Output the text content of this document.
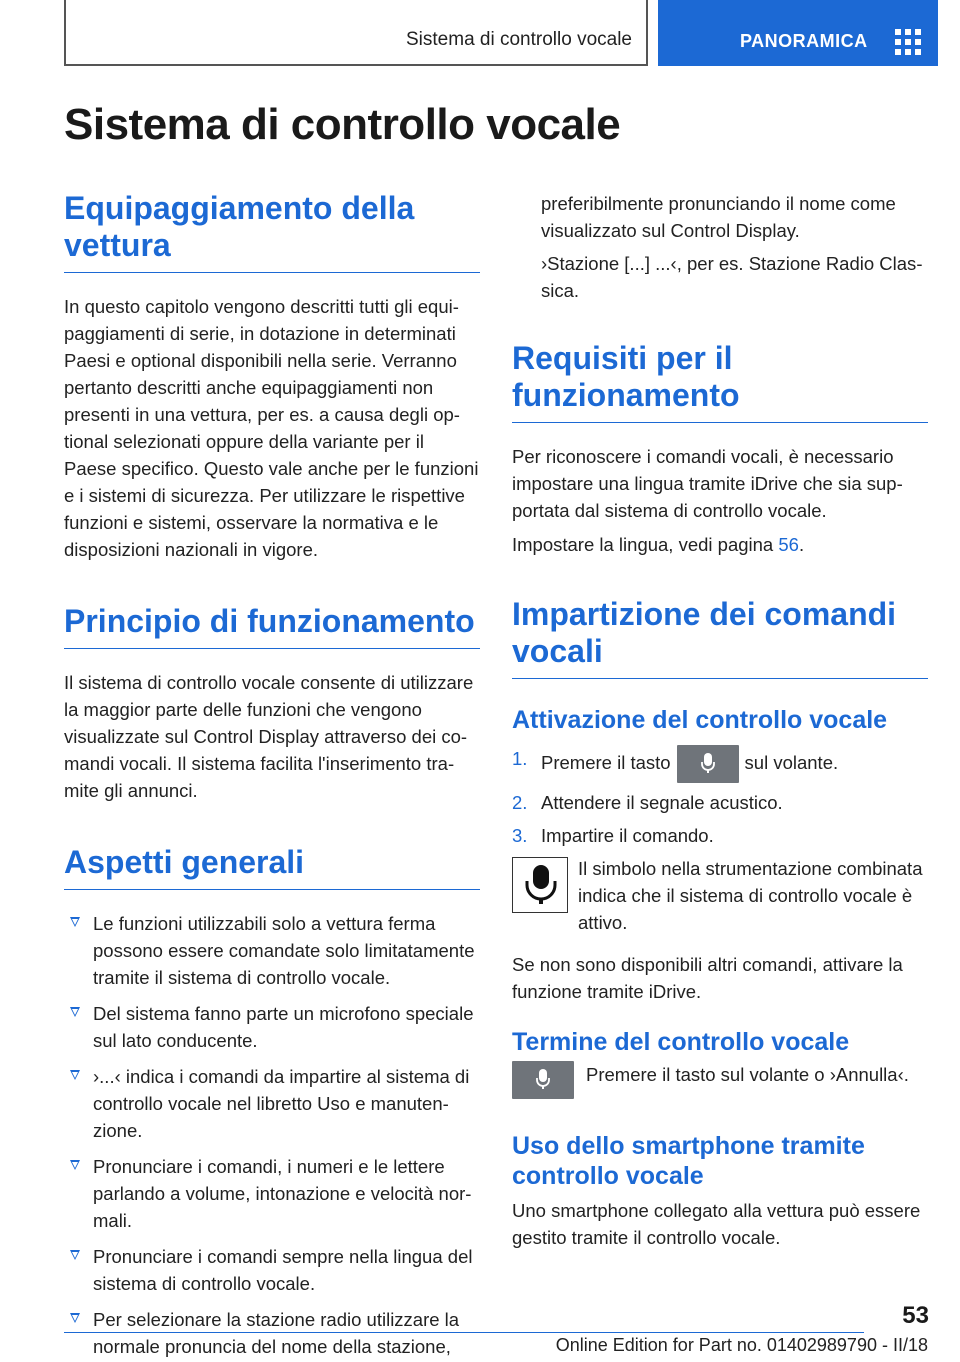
Sistema di controllo vocale	PANORAMICA
Sistema di controllo vocale
Equipaggiamento della vettura

In questo capitolo vengono descritti tutti gli equipaggiamenti di serie, in dotazione in determinati Paesi e optional disponibili nella serie. Verranno pertanto descritti anche equipaggiamenti non presenti in una vettura, per es. a causa degli optional selezionati oppure della variante per il Paese specifico. Questo vale anche per le funzioni e i sistemi di sicurezza. Per utilizzare le rispettive funzioni e sistemi, osservare la normativa e le disposizioni nazionali in vigore.

Principio di funzionamento

Il sistema di controllo vocale consente di utilizzare la maggior parte delle funzioni che vengono visualizzate sul Control Display attraverso dei comandi vocali. Il sistema facilita l'inserimento tramite gli annunci.

Aspetti generali
Le funzioni utilizzabili solo a vettura ferma possono essere comandate solo limitatamente tramite il sistema di controllo vocale.
Del sistema fanno parte un microfono speciale sul lato conducente.
›...‹ indica i comandi da impartire al sistema di controllo vocale nel libretto Uso e manutenzione.
Pronunciare i comandi, i numeri e le lettere parlando a volume, intonazione e velocità normali.
Pronunciare i comandi sempre nella lingua del sistema di controllo vocale.
Per selezionare la stazione radio utilizzare la normale pronuncia del nome della stazione,

preferibilmente pronunciando il nome come visualizzato sul Control Display.

›Stazione [...] ...‹, per es. Stazione Radio Classica.

Requisiti per il funzionamento

Per riconoscere i comandi vocali, è necessario impostare una lingua tramite iDrive che sia supportata dal sistema di controllo vocale.

Impostare la lingua, vedi pagina 56.

Impartizione dei comandi vocali
Attivazione del controllo vocale
1. Premere il tasto	sul volante.
2. Attendere il segnale acustico.
3. Impartire il comando.

Il simbolo nella strumentazione combinata indica che il sistema di controllo vocale è attivo.

Se non sono disponibili altri comandi, attivare la funzione tramite iDrive.

Termine del controllo vocale

Premere il tasto sul volante o ›Annulla‹.

Uso dello smartphone tramite controllo vocale

Uno smartphone collegato alla vettura può essere gestito tramite il controllo vocale.

53
Online Edition for Part no. 01402989790 - II/18
